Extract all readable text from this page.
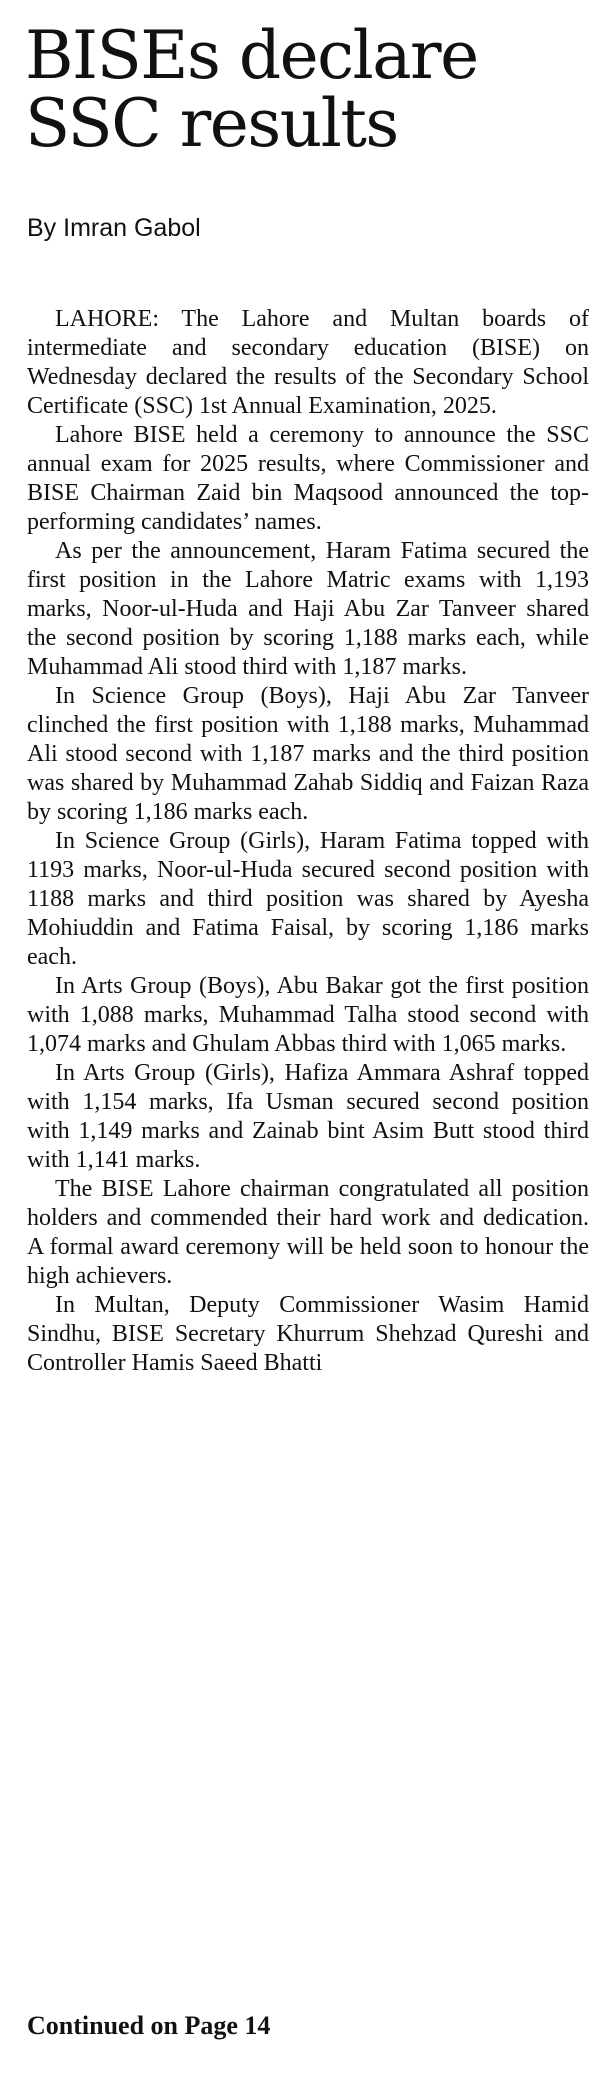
BISEs declare
SSC results

By Imran Gabol

LAHORE: The Lahore and Multan boards of intermediate and secondary education (BISE) on Wednesday declared the results of the Secondary School Certificate (SSC) 1st Annual Examination, 2025.

Lahore BISE held a ceremony to announce the SSC annual exam for 2025 results, where Commissioner and BISE Chairman Zaid bin Maqsood announced the top-performing candidates’ names.

As per the announcement, Haram Fatima secured the first position in the Lahore Matric exams with 1,193 marks, Noor-ul-Huda and Haji Abu Zar Tanveer shared the second position by scoring 1,188 marks each, while Muhammad Ali stood third with 1,187 marks.

In Science Group (Boys), Haji Abu Zar Tanveer clinched the first position with 1,188 marks, Muhammad Ali stood second with 1,187 marks and the third position was shared by Muhammad Zahab Siddiq and Faizan Raza by scoring 1,186 marks each.

In Science Group (Girls), Haram Fatima topped with 1193 marks, Noor-ul-Huda secured second position with 1188 marks and third position was shared by Ayesha Mohiuddin and Fatima Faisal, by scoring 1,186 marks each.

In Arts Group (Boys), Abu Bakar got the first position with 1,088 marks, Muhammad Talha stood second with 1,074 marks and Ghulam Abbas third with 1,065 marks.

In Arts Group (Girls), Hafiza Ammara Ashraf topped with 1,154 marks, Ifa Usman secured second position with 1,149 marks and Zainab bint Asim Butt stood third with 1,141 marks.

The BISE Lahore chairman congratulated all position holders and commended their hard work and dedication. A formal award ceremony will be held soon to honour the high achievers.

In Multan, Deputy Commissioner Wasim Hamid Sindhu, BISE Secretary Khurrum Shehzad Qureshi and Controller Hamis Saeed Bhatti

Continued on Page 14
